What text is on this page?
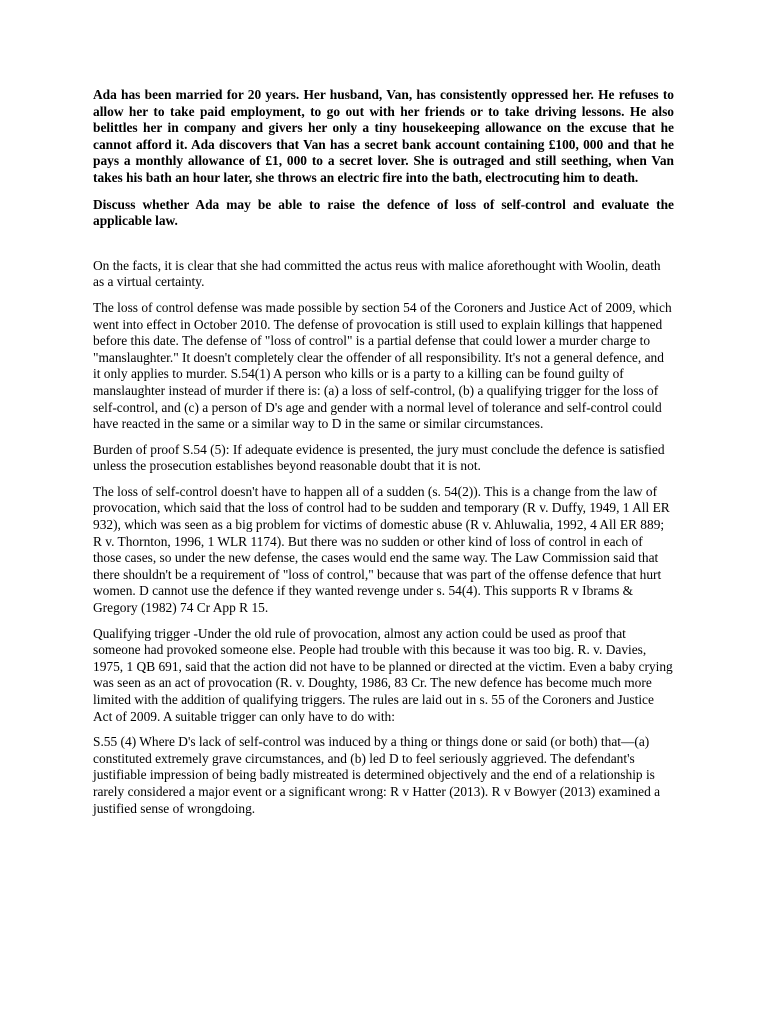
Ada has been married for 20 years. Her husband, Van, has consistently oppressed her. He refuses to allow her to take paid employment, to go out with her friends or to take driving lessons. He also belittles her in company and givers her only a tiny housekeeping allowance on the excuse that he cannot afford it. Ada discovers that Van has a secret bank account containing £100, 000 and that he pays a monthly allowance of £1, 000 to a secret lover. She is outraged and still seething, when Van takes his bath an hour later, she throws an electric fire into the bath, electrocuting him to death.

Discuss whether Ada may be able to raise the defence of loss of self-control and evaluate the applicable law.

On the facts, it is clear that she had committed the actus reus with malice aforethought with Woolin, death as a virtual certainty.

The loss of control defense was made possible by section 54 of the Coroners and Justice Act of 2009, which went into effect in October 2010. The defense of provocation is still used to explain killings that happened before this date. The defense of "loss of control" is a partial defense that could lower a murder charge to "manslaughter." It doesn't completely clear the offender of all responsibility. It's not a general defence, and it only applies to murder. S.54(1) A person who kills or is a party to a killing can be found guilty of manslaughter instead of murder if there is: (a) a loss of self-control, (b) a qualifying trigger for the loss of self-control, and (c) a person of D's age and gender with a normal level of tolerance and self-control could have reacted in the same or a similar way to D in the same or similar circumstances.

Burden of proof S.54 (5): If adequate evidence is presented, the jury must conclude the defence is satisfied unless the prosecution establishes beyond reasonable doubt that it is not.

The loss of self-control doesn't have to happen all of a sudden (s. 54(2)). This is a change from the law of provocation, which said that the loss of control had to be sudden and temporary (R v. Duffy, 1949, 1 All ER 932), which was seen as a big problem for victims of domestic abuse (R v. Ahluwalia, 1992, 4 All ER 889; R v. Thornton, 1996, 1 WLR 1174). But there was no sudden or other kind of loss of control in each of those cases, so under the new defense, the cases would end the same way. The Law Commission said that there shouldn't be a requirement of "loss of control," because that was part of the offense defence that hurt women. D cannot use the defence if they wanted revenge under s. 54(4). This supports R v Ibrams & Gregory (1982) 74 Cr App R 15.

Qualifying trigger -Under the old rule of provocation, almost any action could be used as proof that someone had provoked someone else. People had trouble with this because it was too big. R. v. Davies, 1975, 1 QB 691, said that the action did not have to be planned or directed at the victim. Even a baby crying was seen as an act of provocation (R. v. Doughty, 1986, 83 Cr. The new defence has become much more limited with the addition of qualifying triggers. The rules are laid out in s. 55 of the Coroners and Justice Act of 2009. A suitable trigger can only have to do with:

S.55 (4) Where D's lack of self-control was induced by a thing or things done or said (or both) that—(a) constituted extremely grave circumstances, and (b) led D to feel seriously aggrieved. The defendant's justifiable impression of being badly mistreated is determined objectively and the end of a relationship is rarely considered a major event or a significant wrong: R v Hatter (2013). R v Bowyer (2013) examined a justified sense of wrongdoing.
